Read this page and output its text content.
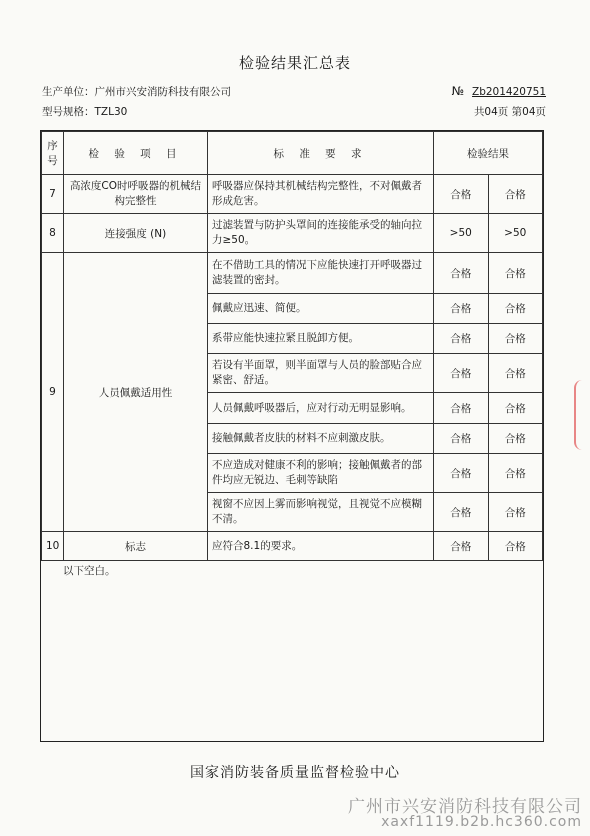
检验结果汇总表
生产单位：广州市兴安消防科技有限公司
型号规格：TZL30
№ Zb201420751
共04页 第04页
序号	检 验 项 目	标 准 要 求	检验结果	
7	高浓度CO时呼吸器的机械结构完整性	呼吸器应保持其机械结构完整性，不对佩戴者形成危害。	合格	合格
8	连接强度 (N)	过滤装置与防护头罩间的连接能承受的轴向拉力≥50。	>50	>50
9	人员佩戴适用性	在不借助工具的情况下应能快速打开呼吸器过滤装置的密封。	合格	合格
		佩戴应迅速、简便。	合格	合格
		系带应能快速拉紧且脱卸方便。	合格	合格
		若设有半面罩，则半面罩与人员的脸部贴合应紧密、舒适。	合格	合格
		人员佩戴呼吸器后，应对行动无明显影响。	合格	合格
		接触佩戴者皮肤的材料不应刺激皮肤。	合格	合格
		不应造成对健康不利的影响；接触佩戴者的部件均应无锐边、毛刺等缺陷	合格	合格
		视窗不应因上雾而影响视觉，且视觉不应模糊不清。	合格	合格
10	标志	应符合8.1的要求。	合格	合格
以下空白。
国家消防装备质量监督检验中心
广州市兴安消防科技有限公司
xaxf1119.b2b.hc360.com
